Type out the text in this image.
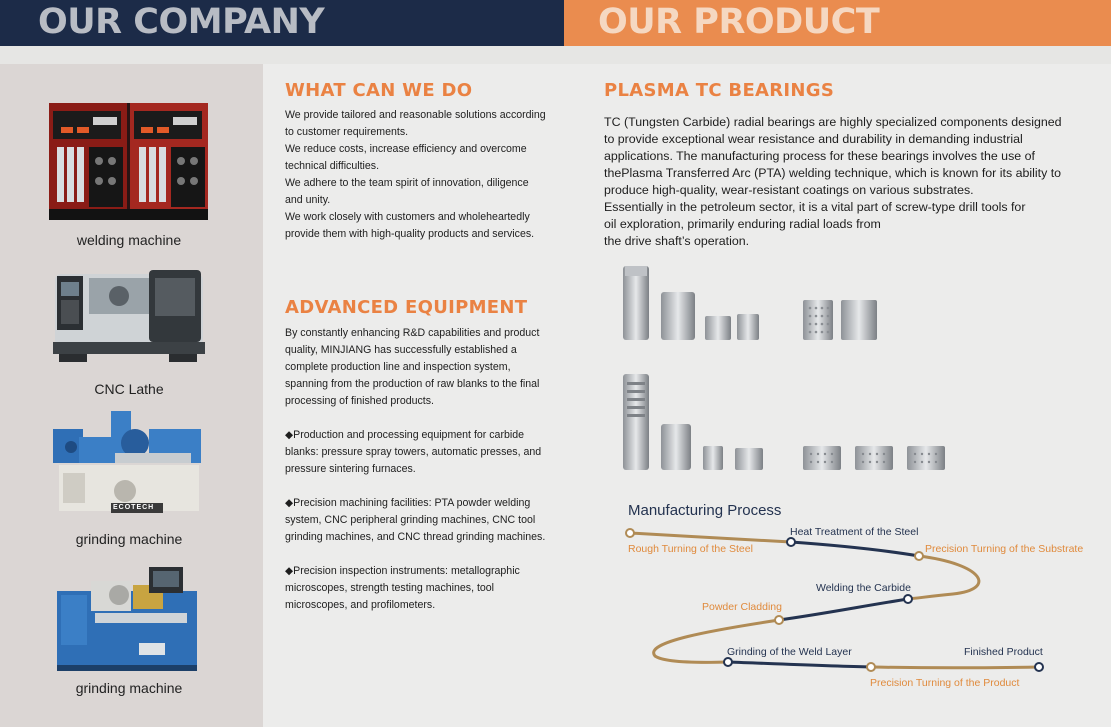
OUR COMPANY	OUR PRODUCT
welding machine
CNC Lathe
ECOTECH
grinding machine
grinding machine
WHAT CAN WE DO

We provide tailored and reasonable solutions according

to customer requirements.

We reduce costs, increase efficiency and overcome

technical difficulties.

We adhere to the team spirit of innovation, diligence

and unity.

We work closely with customers and wholeheartedly

provide them with high-quality products and services.

ADVANCED EQUIPMENT

By constantly enhancing R&D capabilities and product

quality, MINJIANG has successfully established a

complete production line and inspection system,

spanning from the production of raw blanks to the final

processing of finished products.

◆Production and processing equipment for carbide

blanks: pressure spray towers, automatic presses, and

pressure sintering furnaces.

◆Precision machining facilities: PTA powder welding

system, CNC peripheral grinding machines, CNC tool

grinding machines, and CNC thread grinding machines.

◆Precision inspection instruments: metallographic

microscopes, strength testing machines, tool

microscopes, and profilometers.

PLASMA TC BEARINGS

TC (Tungsten Carbide) radial bearings are highly specialized components designed

to provide exceptional wear resistance and durability in demanding industrial

applications. The manufacturing process for these bearings involves the use of

thePlasma Transferred Arc (PTA) welding technique, which is known for its ability to

produce high-quality, wear-resistant coatings on various substrates.

Essentially in the petroleum sector, it is a vital part of screw-type drill tools for

oil exploration, primarily enduring radial loads from

the drive shaft’s operation.

Manufacturing Process
Rough Turning of the Steel
Heat Treatment of the Steel
Precision Turning of the Substrate
Welding the Carbide
Powder Cladding
Grinding of the Weld Layer	Finished Product
Precision Turning of the Product
